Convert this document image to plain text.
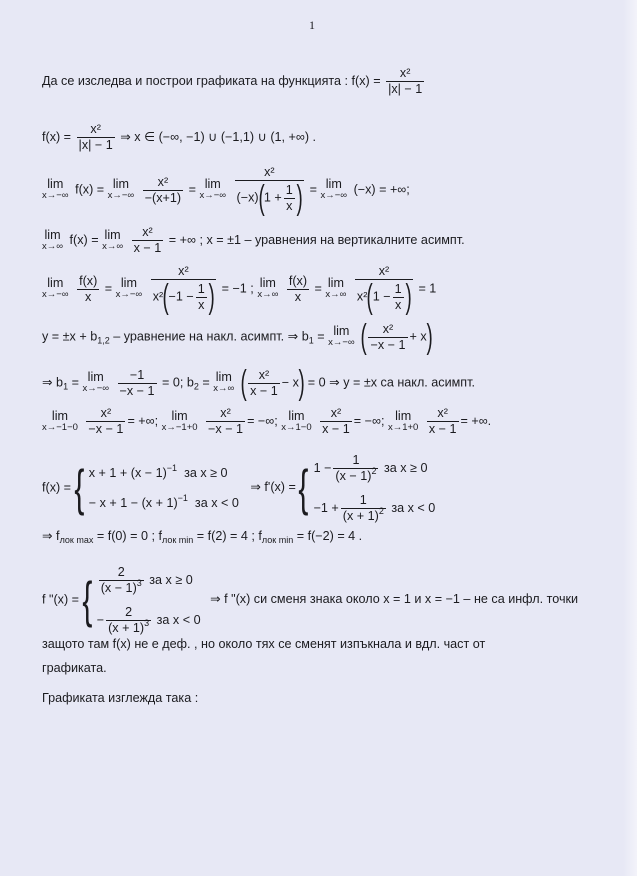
1
Да се изследва и построи графиката на функцията : $f(x) = \frac{\text{x²}}{|x| - 1}$
$f(x) = \frac{\text{x²}}{|x| - 1}$ ⇒ x ∈ (−∞, −1) ∪ (−1,1) ∪ (1, +∞) .
lim
x→−∞ f(x) = lim
x→−∞
$\frac{\text{x²}}{-(x+1)} = \lim$
x→−∞
$\frac{\text{x²}}{(-x)(1 + \frac{1}{x} )} = \lim$
x→−∞ (−x) = +∞;
lim
x→∞ f(x) = lim
x→∞
$\frac{\text{x²}}{x - 1}$ = +∞ ; x = ±1 – уравнения на вертикалните асимпт.
lim
x→−∞
$\frac{f(x)}{x} = \lim$
x→−∞
$\frac{\text{x²}}{x^2(-1 - \frac{1}{x} )} = -1$ ; lim
x→∞
$\frac{f(x)}{x} = \lim$
x→∞
$\frac{\text{x²}}{x^2(1 - \frac{1}{x} )} = 1$
$y = \pm x + b_{1,2}$ – уравнение на накл. асимпт. ⇒ $b_1 = \lim$
x→−∞ ( $\frac{\text{x²}}{-x - 1} + x$)
⇒ $b_1 = \lim$
x→−∞
$\frac{-1}{-x - 1} = 0$; $b_2 = \lim$
x→∞ ( $\frac{\text{x²}}{x - 1} - x) = 0$ ⇒ y = ±x са накл. асимпт.
lim
x→−1−0
$\frac{\text{x²}}{-x - 1}$ = +∞;	lim
x→−1+0
$\frac{\text{x²}}{-x - 1}$ = −∞; lim
x→1−0
$\frac{\text{x²}}{x - 1}$ = −∞; lim
x→1+0
$\frac{\text{x²}}{x - 1}$ = +∞.
f(x) = { $x + 1 + (x - 1)^{-1}$ за x ≥ 0
− $x + 1 - (x + 1)^{-1}$ за x < 0
⇒ f'(x) = { $1 - \frac{1}{(x - 1)^2}$ за x ≥ 0
$-1 + \frac{1}{(x + 1)^2}$ за x < 0
⇒ $f_{лок max} = f(0) = 0$ ; $f_{лок min} = f(2) = 4$ ; $f_{лок min} = f(-2) = 4$ .
f "(x) = { $\frac{2}{(x - 1)^3}$ за x ≥ 0
− $\frac{2}{(x + 1)^3}$ за x < 0
⇒ f "(x) си сменя знака около x = 1 и x = −1 – не са инфл. точки
защото там f(x) не е деф. , но около тях се сменят изпъкнала и вдл. част от
графиката.
Графиката изглежда така :
